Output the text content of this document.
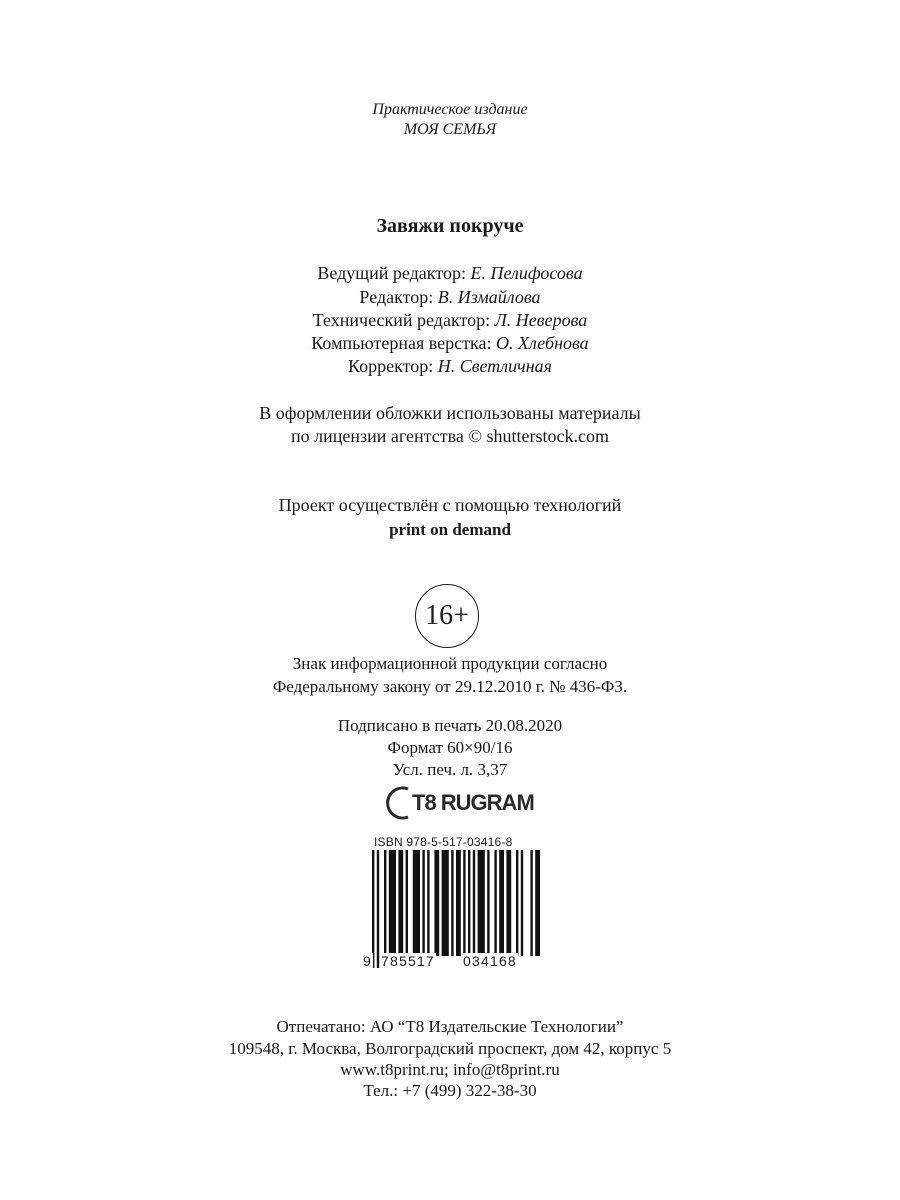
Практическое издание
МОЯ СЕМЬЯ
Завяжи покруче
Ведущий редактор: Е. Пелифосова
Редактор: В. Измайлова
Технический редактор: Л. Неверова
Компьютерная верстка: О. Хлебнова
Корректор: Н. Светличная
В оформлении обложки использованы материалы
по лицензии агентства © shutterstock.com
Проект осуществлён с помощью технологий
print on demand
16+
Знак информационной продукции согласно
Федеральному закону от 29.12.2010 г. № 436-ФЗ.
Подписано в печать 20.08.2020
Формат 60×90/16
Усл. печ. л. 3,37
T8 RUGRAM
ISBN 978-5-517-03416-8
9 785517 034168
Отпечатано: АО “Т8 Издательские Технологии”
109548, г. Москва, Волгоградский проспект, дом 42, корпус 5
www.t8print.ru; info@t8print.ru
Тел.: +7 (499) 322-38-30
